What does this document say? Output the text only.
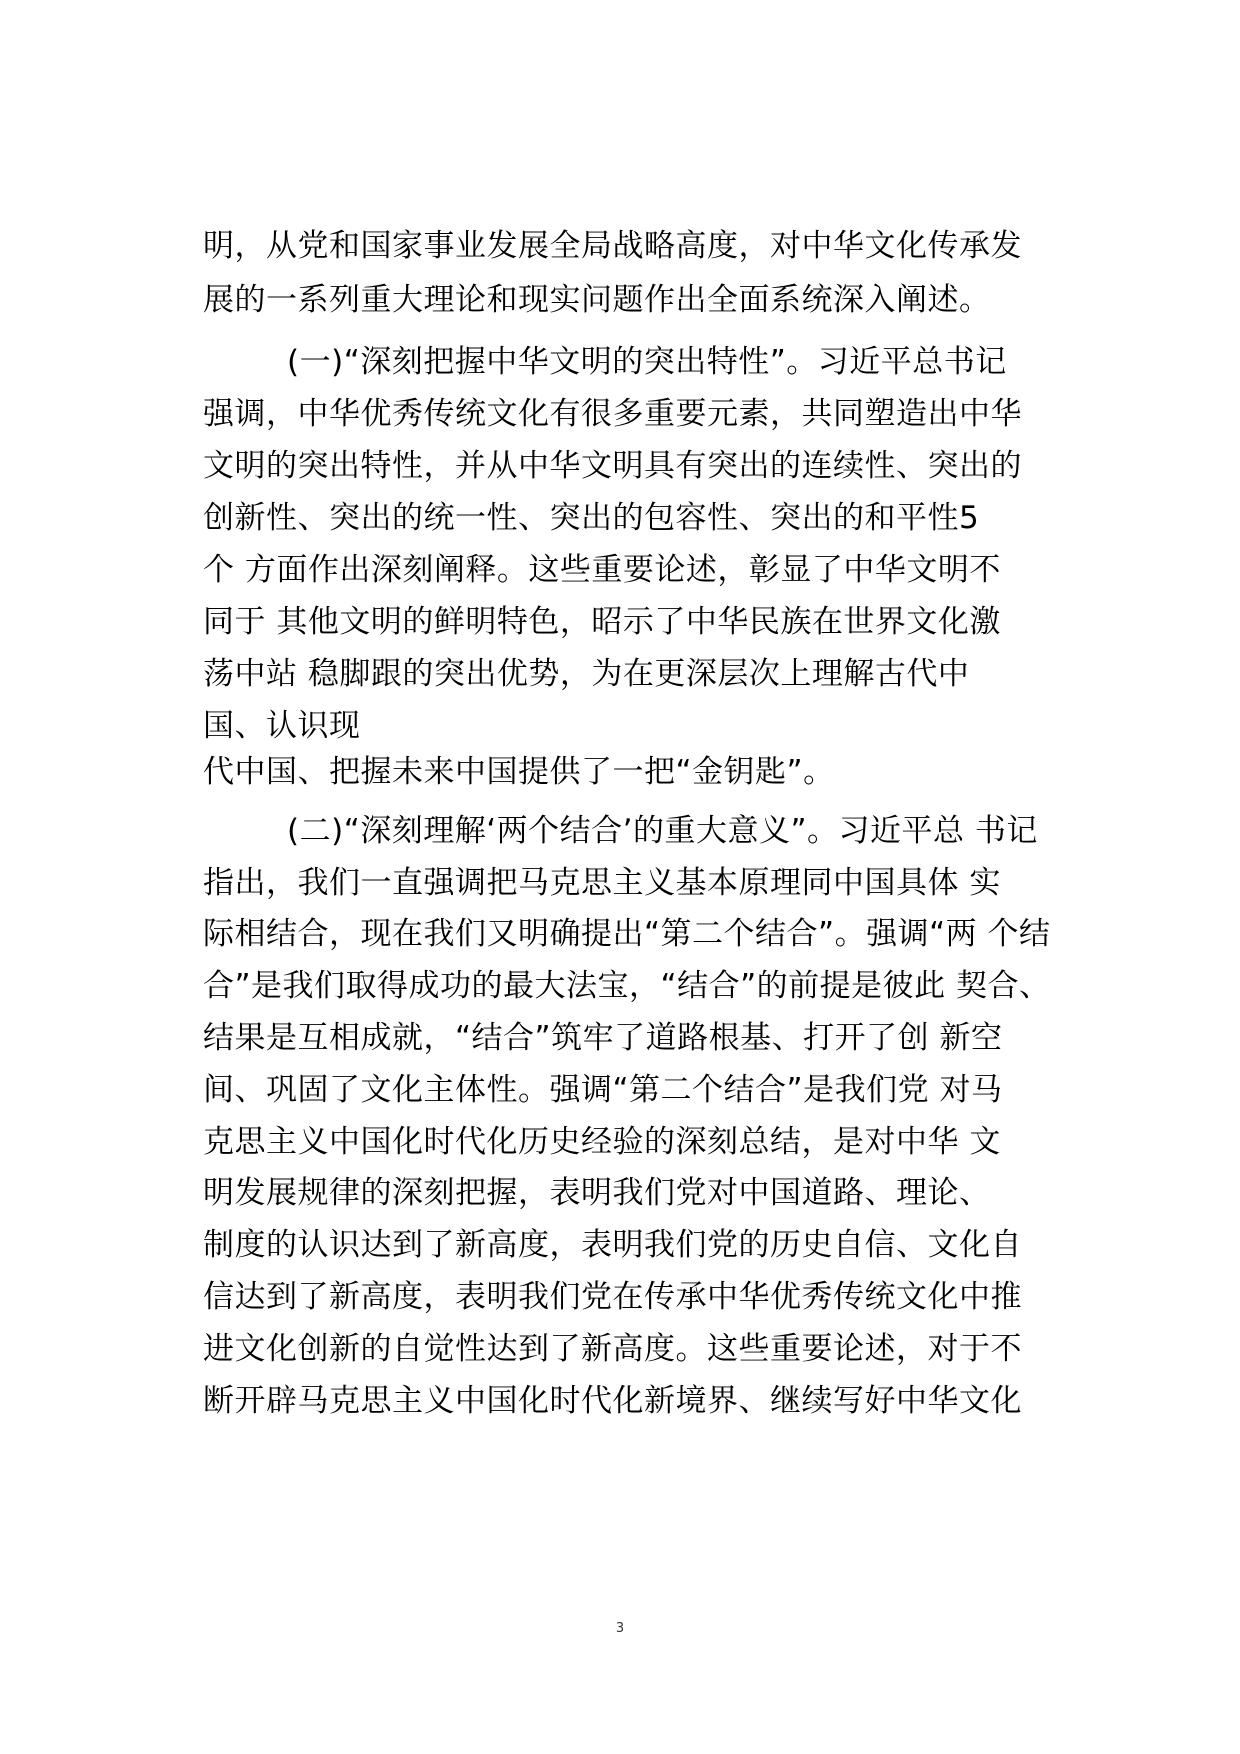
明，从党和国家事业发展全局战略高度，对中华文化传承发
展的一系列重大理论和现实问题作出全面系统深入阐述。
(一)“深刻把握中华文明的突出特性”。习近平总书记
强调，中华优秀传统文化有很多重要元素，共同塑造出中华
文明的突出特性，并从中华文明具有突出的连续性、突出的
创新性、突出的统一性、突出的包容性、突出的和平性5
个 方面作出深刻阐释。这些重要论述，彰显了中华文明不
同于 其他文明的鲜明特色，昭示了中华民族在世界文化激
荡中站 稳脚跟的突出优势，为在更深层次上理解古代中
国、认识现
代中国、把握未来中国提供了一把“金钥匙”。
(二)“深刻理解‘两个结合’的重大意义”。习近平总 书记
指出，我们一直强调把马克思主义基本原理同中国具体 实
际相结合，现在我们又明确提出“第二个结合”。强调“两 个结
合”是我们取得成功的最大法宝，“结合”的前提是彼此 契合、
结果是互相成就，“结合”筑牢了道路根基、打开了创 新空
间、巩固了文化主体性。强调“第二个结合”是我们党 对马
克思主义中国化时代化历史经验的深刻总结，是对中华 文
明发展规律的深刻把握，表明我们党对中国道路、理论、
制度的认识达到了新高度，表明我们党的历史自信、文化自
信达到了新高度，表明我们党在传承中华优秀传统文化中推
进文化创新的自觉性达到了新高度。这些重要论述，对于不
断开辟马克思主义中国化时代化新境界、继续写好中华文化
3
